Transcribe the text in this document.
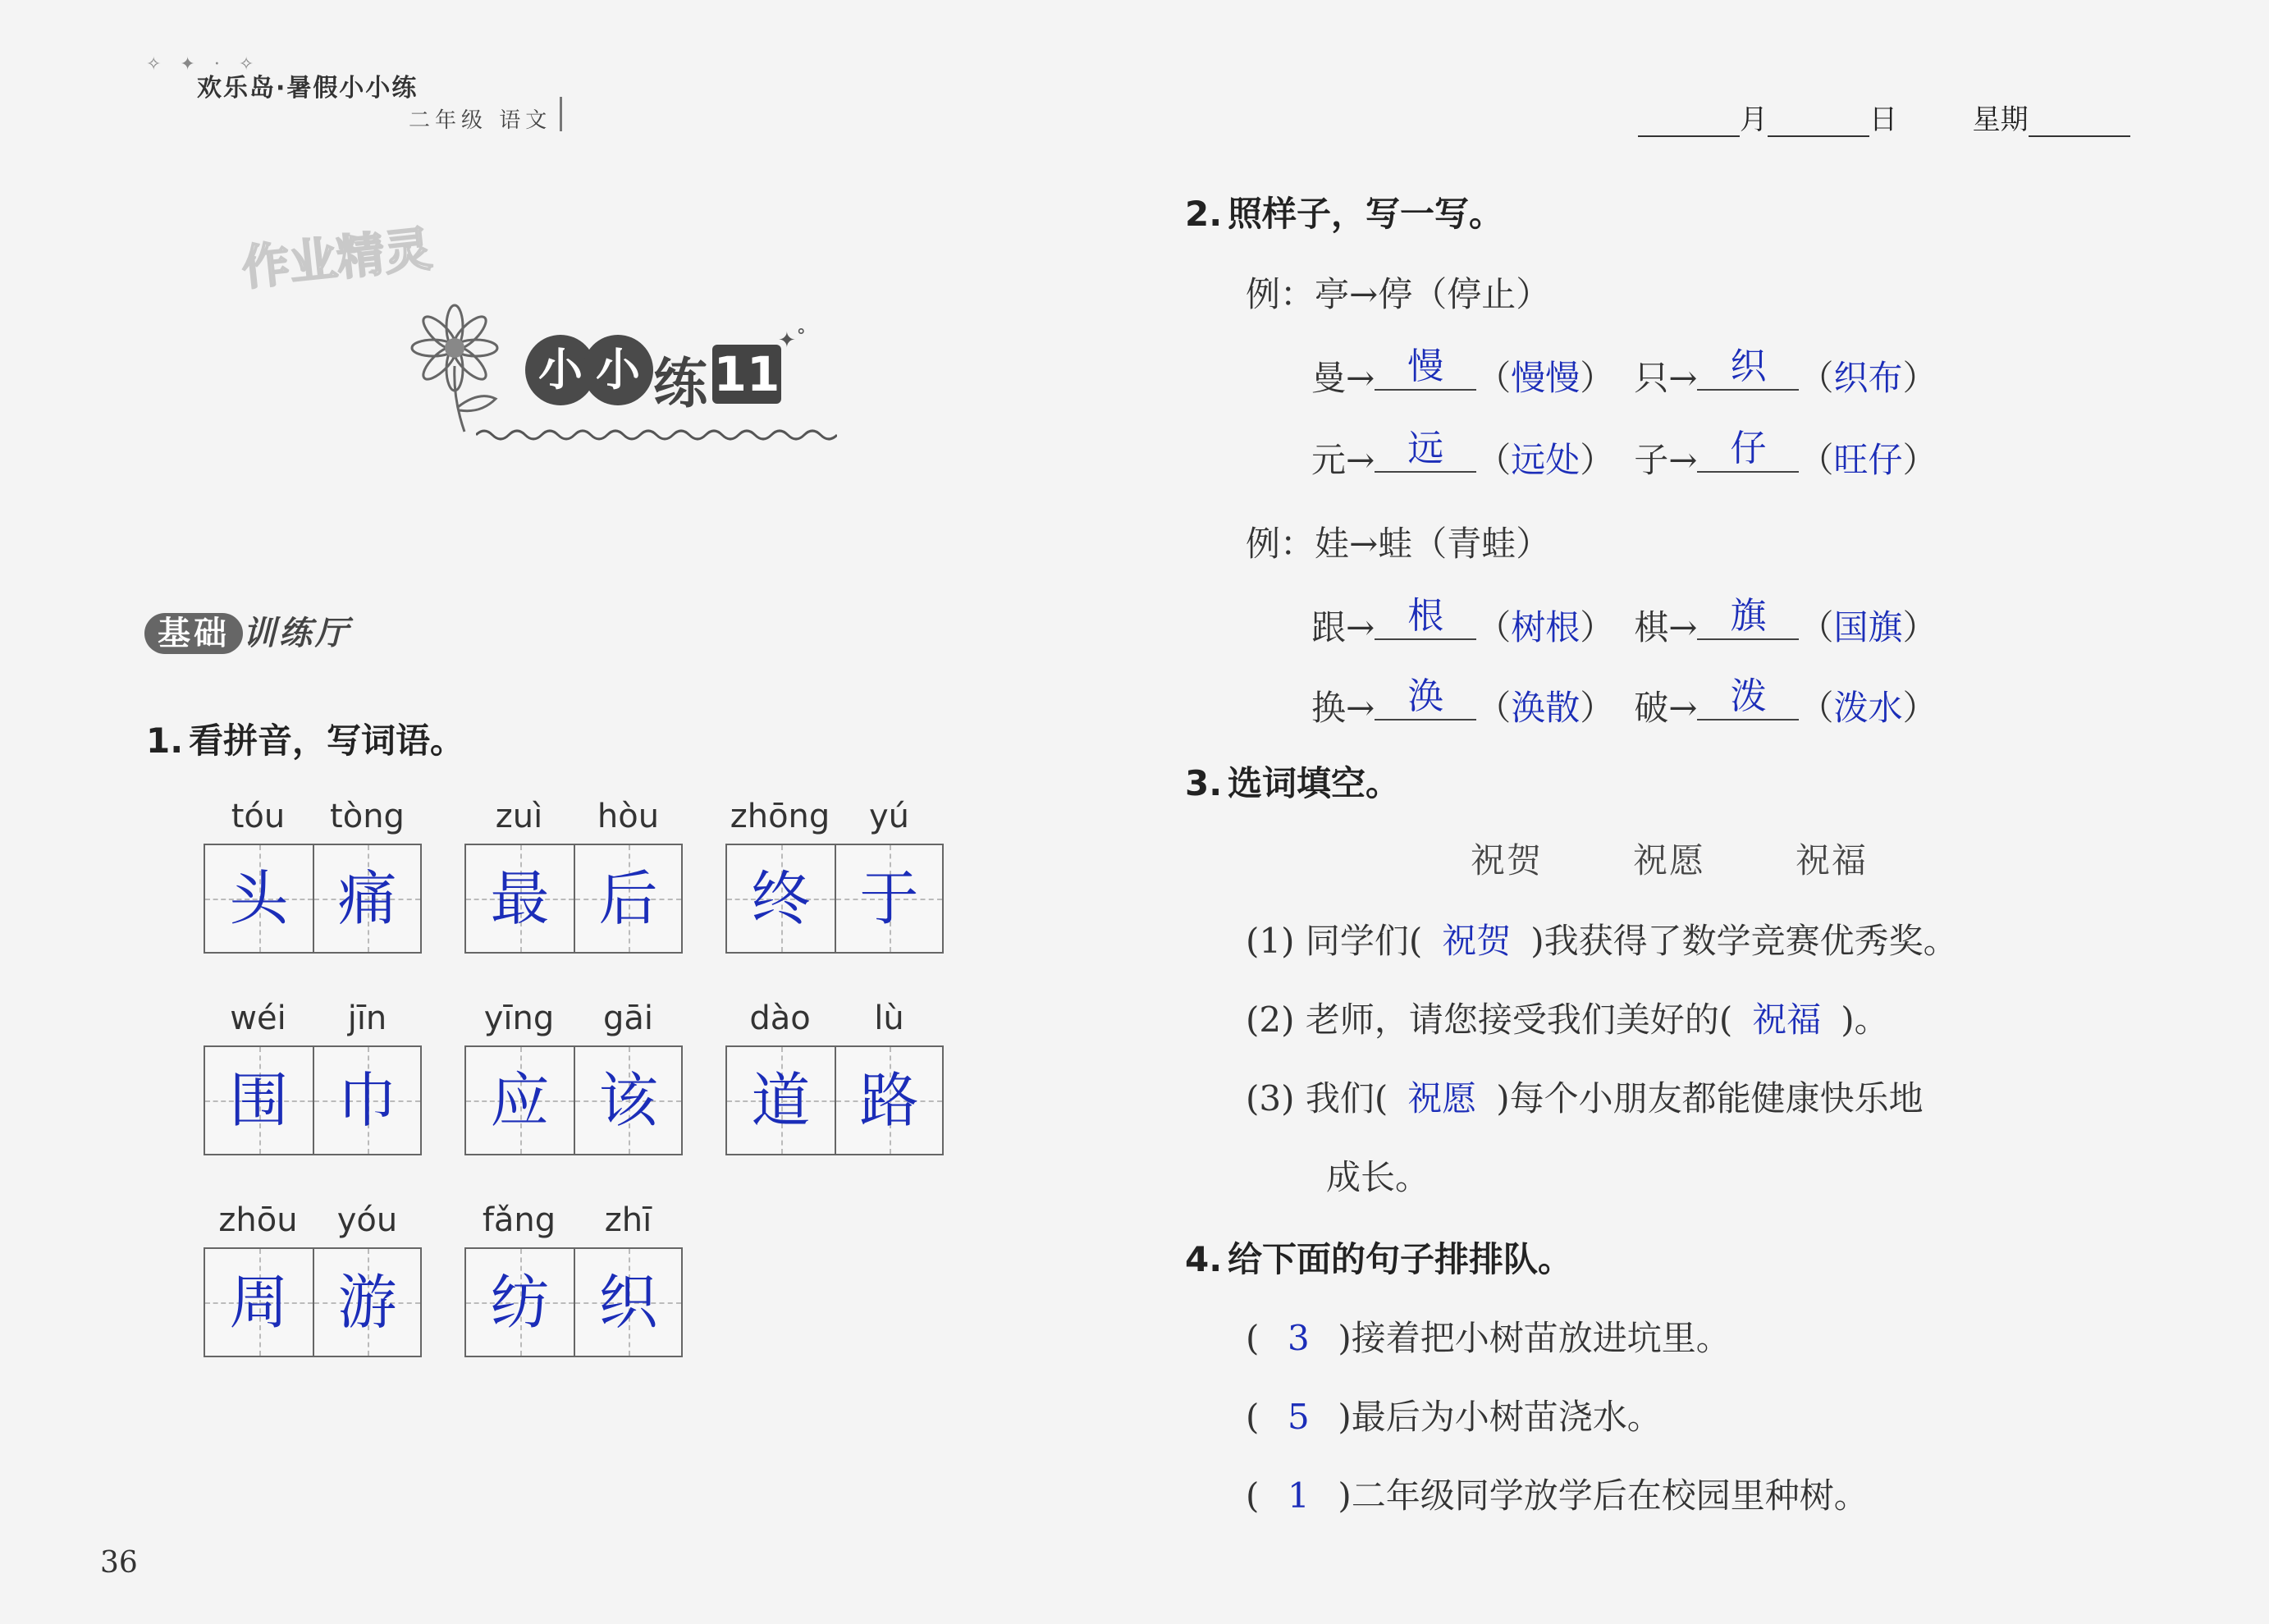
✧ ✦ · ✧
欢乐岛·暑假小小练
二年级 语文	月	日	星期
作业精灵
小 小 练 11
✦˚
基础 训练厅
1. 看拼音，写词语。
tóu	tòng
头 痛
zuì	hòu
最 后
zhōng	yú
终 于
wéi	jīn
围 巾
yīng	gāi
应 该
dào	lù
道 路
zhōu	yóu
周 游
fǎng	zhī
纺 织
2. 照样子，写一写。
例：亭→停（停止）
曼→ 慢 （慢慢） 只→ 织 （织布）
元→ 远 （远处） 子→ 仔 （旺仔）
例：娃→蛙（青蛙）
跟→ 根 （树根） 棋→ 旗 （国旗）
换→ 涣 （涣散） 破→ 泼 （泼水）
3. 选词填空。
祝贺	祝愿	祝福
(1) 同学们( 祝贺 )我获得了数学竞赛优秀奖。
(2) 老师，请您接受我们美好的( 祝福 )。
(3) 我们( 祝愿 )每个小朋友都能健康快乐地
成长。
4. 给下面的句子排排队。
( 3 )接着把小树苗放进坑里。
( 5 )最后为小树苗浇水。
( 1 )二年级同学放学后在校园里种树。
36
